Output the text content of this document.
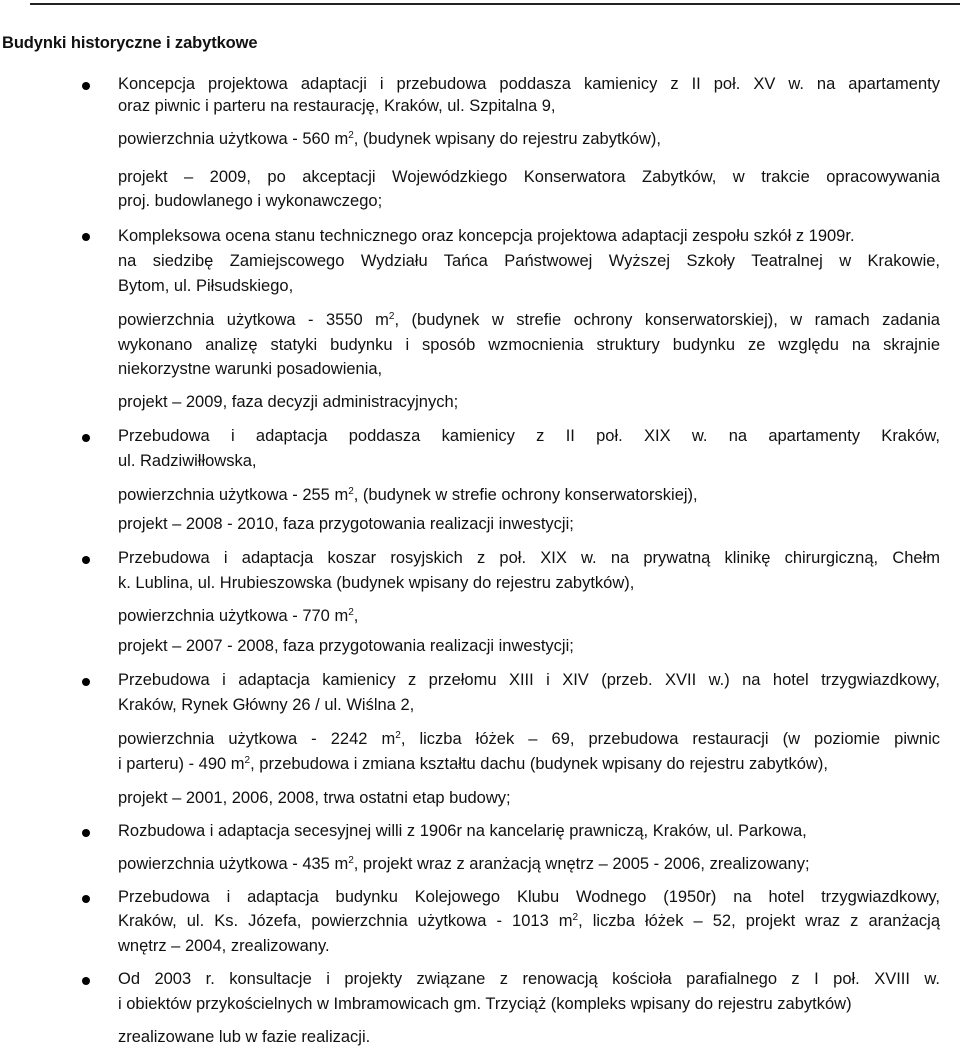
Budynki historyczne i zabytkowe
Koncepcja projektowa adaptacji i przebudowa poddasza kamienicy z II poł. XV w. na apartamenty
oraz piwnic i parteru na restaurację, Kraków, ul. Szpitalna 9,
powierzchnia użytkowa - 560 $m^2$, (budynek wpisany do rejestru zabytków),
projekt – 2009, po akceptacji Wojewódzkiego Konserwatora Zabytków, w trakcie opracowywania
proj. budowlanego i wykonawczego;
Kompleksowa ocena stanu technicznego oraz koncepcja projektowa adaptacji zespołu szkół z 1909r.
na siedzibę Zamiejscowego Wydziału Tańca Państwowej Wyższej Szkoły Teatralnej w Krakowie,
Bytom, ul. Piłsudskiego,
powierzchnia użytkowa - 3550 $m^2$, (budynek w strefie ochrony konserwatorskiej), w ramach zadania
wykonano analizę statyki budynku i sposób wzmocnienia struktury budynku ze względu na skrajnie
niekorzystne warunki posadowienia,
projekt – 2009, faza decyzji administracyjnych;
Przebudowa i adaptacja poddasza kamienicy z II poł. XIX w. na apartamenty Kraków,
ul. Radziwiłłowska,
powierzchnia użytkowa - 255 $m^2$, (budynek w strefie ochrony konserwatorskiej),
projekt – 2008 - 2010, faza przygotowania realizacji inwestycji;
Przebudowa i adaptacja koszar rosyjskich z poł. XIX w. na prywatną klinikę chirurgiczną, Chełm
k. Lublina, ul. Hrubieszowska (budynek wpisany do rejestru zabytków),
powierzchnia użytkowa - 770 $m^2$,
projekt – 2007 - 2008, faza przygotowania realizacji inwestycji;
Przebudowa i adaptacja kamienicy z przełomu XIII i XIV (przeb. XVII w.) na hotel trzygwiazdkowy,
Kraków, Rynek Główny 26 / ul. Wiślna 2,
powierzchnia użytkowa - 2242 $m^2$, liczba łóżek – 69, przebudowa restauracji (w poziomie piwnic
i parteru) - 490 $m^2$, przebudowa i zmiana kształtu dachu (budynek wpisany do rejestru zabytków),
projekt – 2001, 2006, 2008, trwa ostatni etap budowy;
Rozbudowa i adaptacja secesyjnej willi z 1906r na kancelarię prawniczą, Kraków, ul. Parkowa,
powierzchnia użytkowa - 435 $m^2$, projekt wraz z aranżacją wnętrz – 2005 - 2006, zrealizowany;
Przebudowa i adaptacja budynku Kolejowego Klubu Wodnego (1950r) na hotel trzygwiazdkowy,
Kraków, ul. Ks. Józefa, powierzchnia użytkowa - 1013 $m^2$, liczba łóżek – 52, projekt wraz z aranżacją
wnętrz – 2004, zrealizowany.
Od 2003 r. konsultacje i projekty związane z renowacją kościoła parafialnego z I poł. XVIII w.
i obiektów przykościelnych w Imbramowicach gm. Trzyciąż (kompleks wpisany do rejestru zabytków)
zrealizowane lub w fazie realizacji.
